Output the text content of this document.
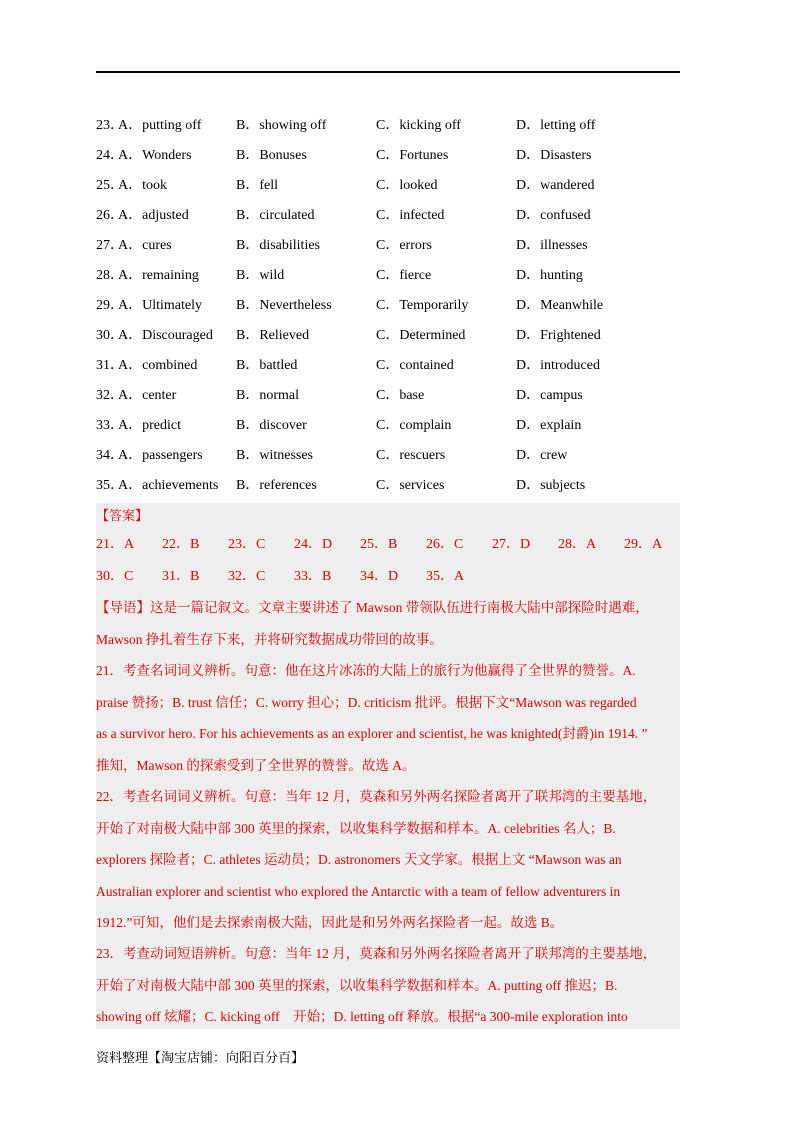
23．
A．putting off B．showing off	C．kicking off	D．letting off
24．
A．Wonders	B．Bonuses	C．Fortunes	D．Disasters
25．
A．took	B．fell	C．looked	D．wandered
26．
A．adjusted	B．circulated	C．infected	D．confused
27．
A．cures	B．disabilities	C．errors	D．illnesses
28．
A．remaining	B．wild	C．fierce	D．hunting
29．
A．Ultimately B．Nevertheless	C．Temporarily	D．Meanwhile
30．
A．Discouraged B．Relieved	C．Determined	D．Frightened
31．
A．combined	B．battled	C．contained	D．introduced
32．
A．center	B．normal	C．base	D．campus
33．
A．predict	B．discover	C．complain	D．explain
34．
A．passengers B．witnesses	C．rescuers	D．crew
35．
A．achievements B．references	C．services	D．subjects
【答案】
21．A 22．B 23．C 24．D 25．B 26．C 27．D 28．A 29．A
30．C 31．B 32．C 33．B 34．D 35．A
【导语】这是一篇记叙文。文章主要讲述了 Mawson 带领队伍进行南极大陆中部探险时遇难，
Mawson 挣扎着生存下来，并将研究数据成功带回的故事。
21．考查名词词义辨析。句意：他在这片冰冻的大陆上的旅行为他赢得了全世界的赞誉。A.
praise 赞扬；B. trust 信任；C. worry 担心；D. criticism 批评。根据下文“Mawson was regarded
as a survivor hero. For his achievements as an explorer and scientist, he was knighted(封爵)in 1914. ”
推知，Mawson 的探索受到了全世界的赞誉。故选 A。
22．考查名词词义辨析。句意：当年 12 月，莫森和另外两名探险者离开了联邦湾的主要基地，
开始了对南极大陆中部 300 英里的探索，以收集科学数据和样本。A. celebrities 名人；B.
explorers 探险者；C. athletes 运动员；D. astronomers 天文学家。根据上文 “Mawson was an
Australian explorer and scientist who explored the Antarctic with a team of fellow adventurers in
1912.”可知，他们是去探索南极大陆，因此是和另外两名探险者一起。故选 B。
23．考查动词短语辨析。句意：当年 12 月，莫森和另外两名探险者离开了联邦湾的主要基地，
开始了对南极大陆中部 300 英里的探索，以收集科学数据和样本。A. putting off 推迟；B.
showing off 炫耀；C. kicking off　开始；D. letting off 释放。根据“a 300-mile exploration into
资料整理【淘宝店铺：向阳百分百】
